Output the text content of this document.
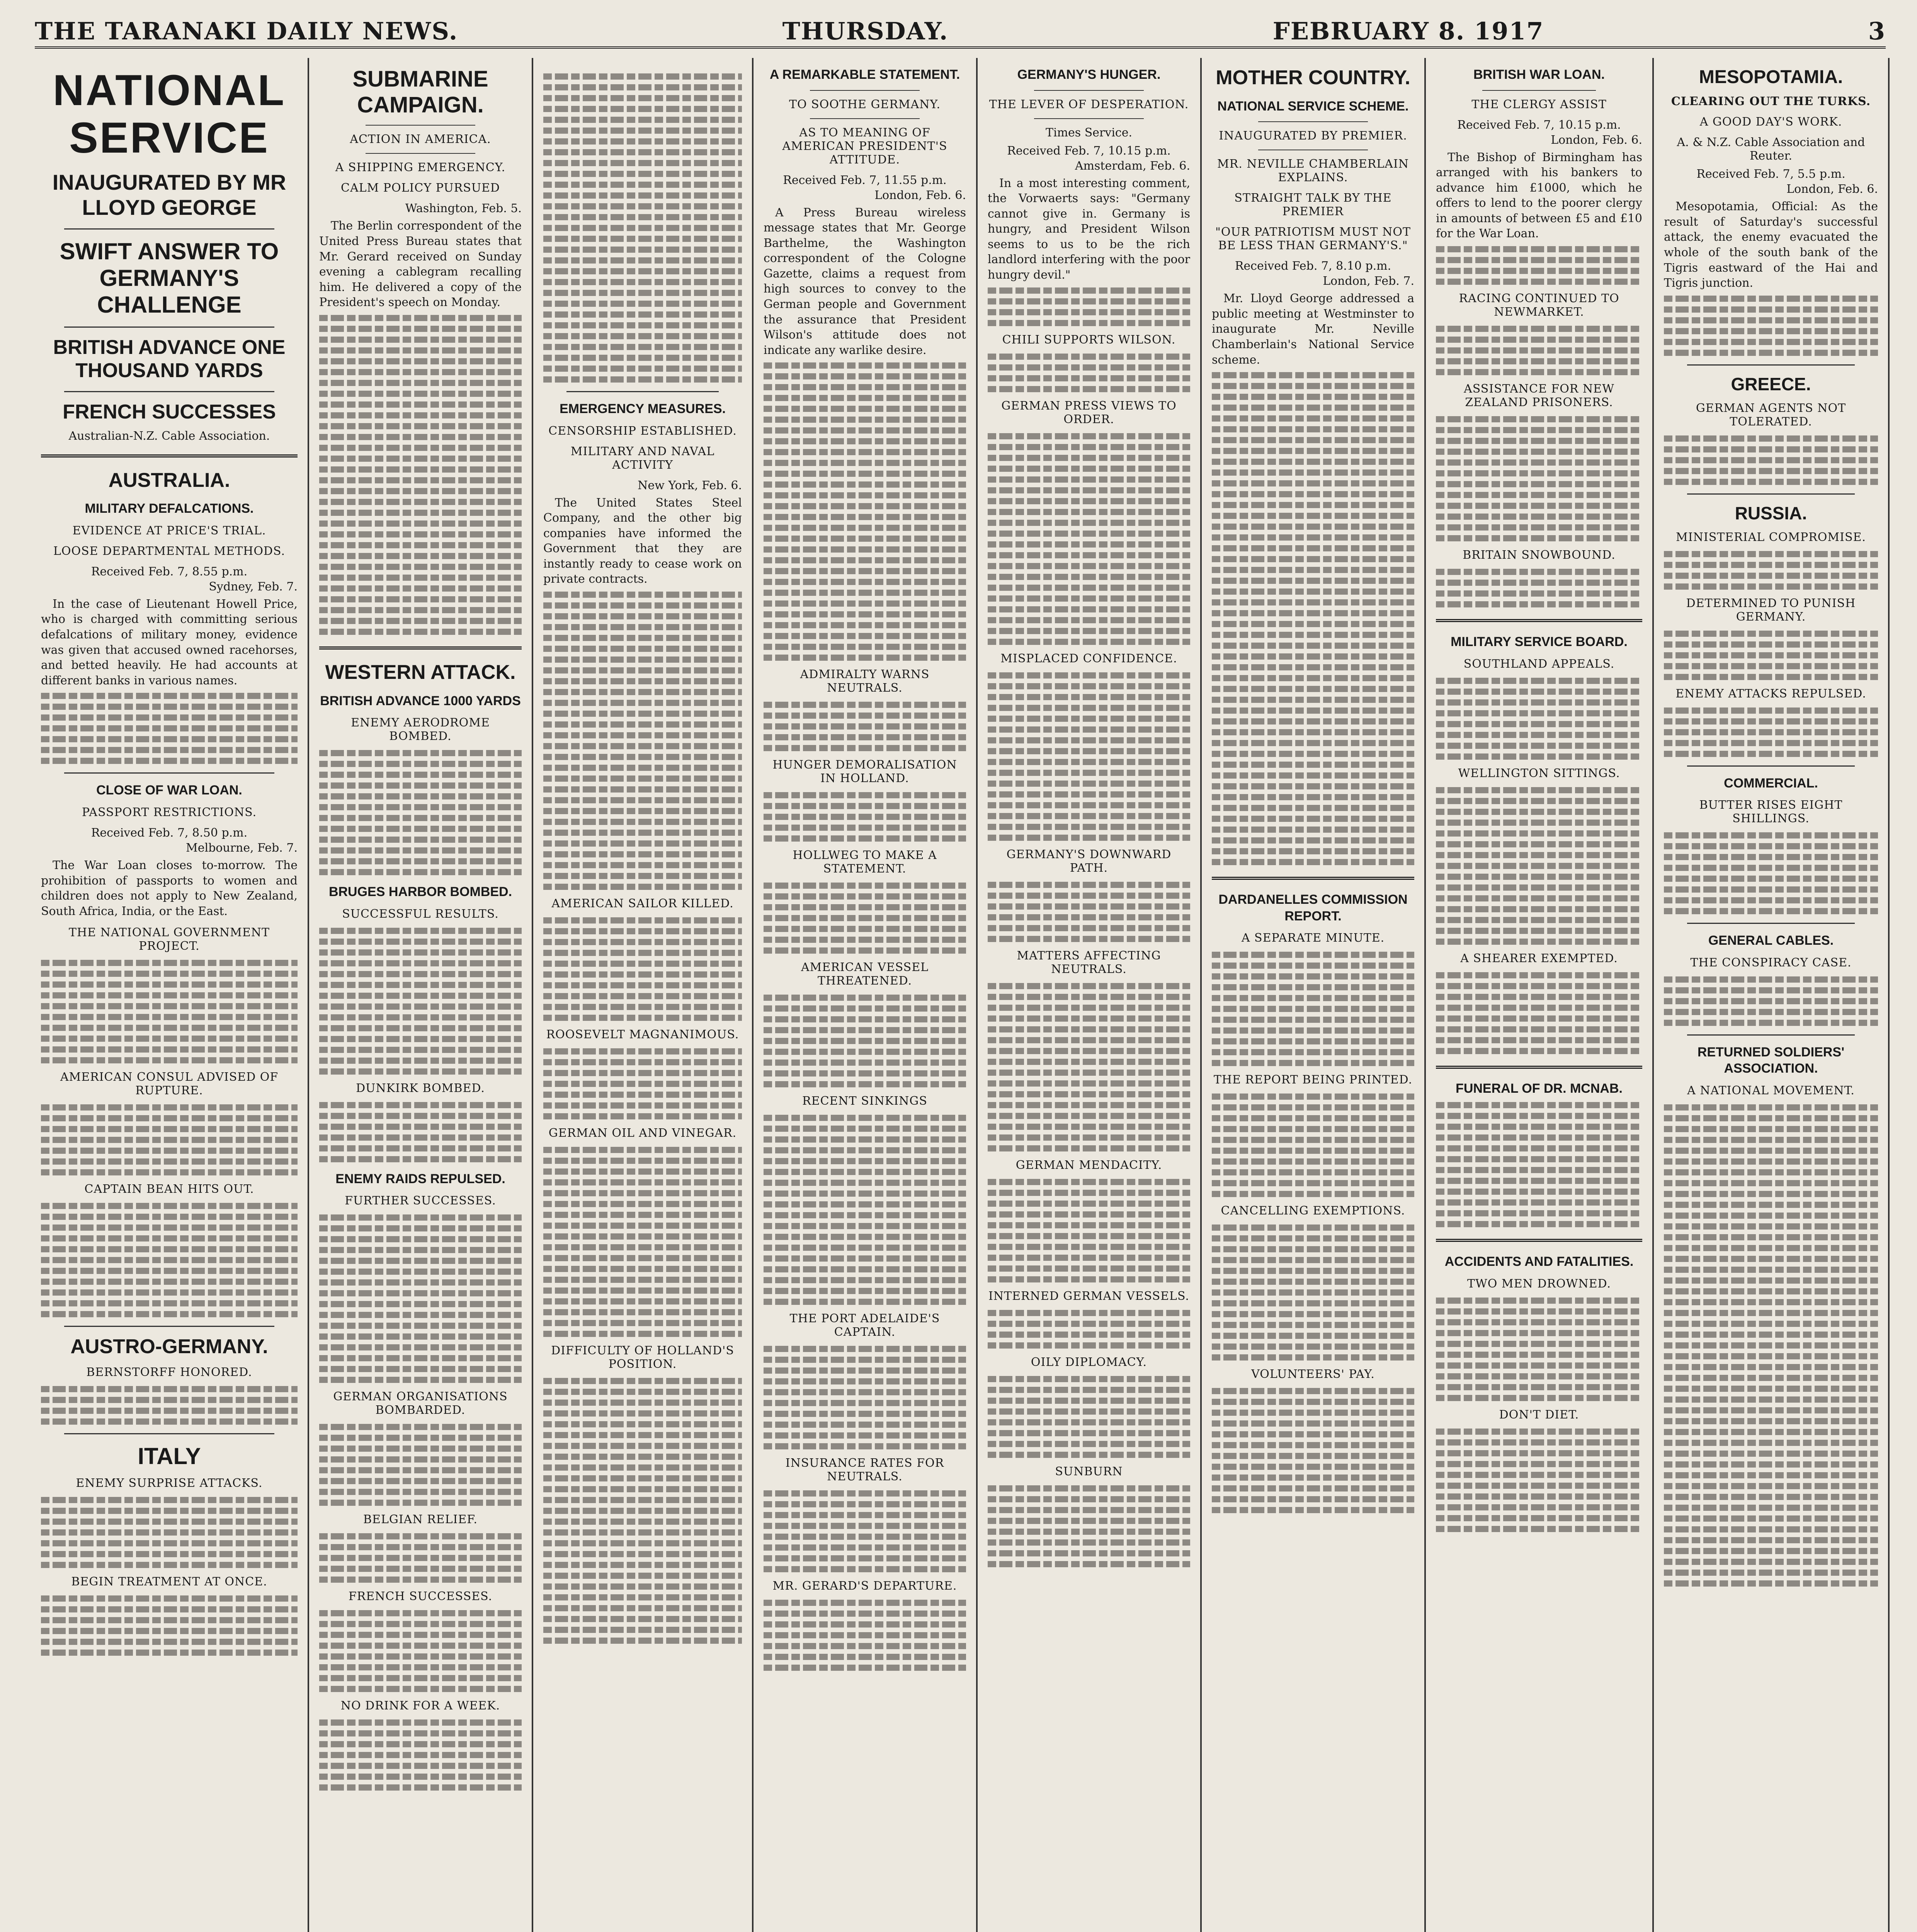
THE TARANAKI DAILY NEWS.	THURSDAY.	FEBRUARY 8. 1917	3
NATIONAL SERVICE
INAUGURATED BY MR LLOYD GEORGE
SWIFT ANSWER TO GERMANY'S CHALLENGE
BRITISH ADVANCE ONE THOUSAND YARDS
FRENCH SUCCESSES
Australian-N.Z. Cable Association.
AUSTRALIA.
MILITARY DEFALCATIONS.
EVIDENCE AT PRICE'S TRIAL.
LOOSE DEPARTMENTAL METHODS.
Received Feb. 7, 8.55 p.m.
Sydney, Feb. 7.

In the case of Lieutenant Howell Price, who is charged with committing serious defalcations of military money, evidence was given that accused owned racehorses, and betted heavily. He had accounts at different banks in various names.

CLOSE OF WAR LOAN.
PASSPORT RESTRICTIONS.
Received Feb. 7, 8.50 p.m.
Melbourne, Feb. 7.

The War Loan closes to-morrow. The prohibition of passports to women and children does not apply to New Zealand, South Africa, India, or the East.

THE NATIONAL GOVERNMENT PROJECT.
AMERICAN CONSUL ADVISED OF RUPTURE.
CAPTAIN BEAN HITS OUT.
AUSTRO-GERMANY.
BERNSTORFF HONORED.
ITALY
ENEMY SURPRISE ATTACKS.
BEGIN TREATMENT AT ONCE.
SUBMARINE CAMPAIGN.
ACTION IN AMERICA.
A SHIPPING EMERGENCY.
CALM POLICY PURSUED
Washington, Feb. 5.

The Berlin correspondent of the United Press Bureau states that Mr. Gerard received on Sunday evening a cablegram recalling him. He delivered a copy of the President's speech on Monday.

WESTERN ATTACK.
BRITISH ADVANCE 1000 YARDS
ENEMY AERODROME BOMBED.
BRUGES HARBOR BOMBED.
SUCCESSFUL RESULTS.
DUNKIRK BOMBED.
ENEMY RAIDS REPULSED.
FURTHER SUCCESSES.
GERMAN ORGANISATIONS BOMBARDED.
BELGIAN RELIEF.
FRENCH SUCCESSES.
NO DRINK FOR A WEEK.
EMERGENCY MEASURES.
CENSORSHIP ESTABLISHED.
MILITARY AND NAVAL ACTIVITY
New York, Feb. 6.

The United States Steel Company, and the other big companies have informed the Government that they are instantly ready to cease work on private contracts.

AMERICAN SAILOR KILLED.
ROOSEVELT MAGNANIMOUS.
GERMAN OIL AND VINEGAR.
DIFFICULTY OF HOLLAND'S POSITION.
A REMARKABLE STATEMENT.
TO SOOTHE GERMANY.
AS TO MEANING OF AMERICAN PRESIDENT'S ATTITUDE.
Received Feb. 7, 11.55 p.m.
London, Feb. 6.

A Press Bureau wireless message states that Mr. George Barthelme, the Washington correspondent of the Cologne Gazette, claims a request from high sources to convey to the German people and Government the assurance that President Wilson's attitude does not indicate any warlike desire.

ADMIRALTY WARNS NEUTRALS.
HUNGER DEMORALISATION IN HOLLAND.
HOLLWEG TO MAKE A STATEMENT.
AMERICAN VESSEL THREATENED.
RECENT SINKINGS
THE PORT ADELAIDE'S CAPTAIN.
INSURANCE RATES FOR NEUTRALS.
MR. GERARD'S DEPARTURE.
GERMANY'S HUNGER.
THE LEVER OF DESPERATION.
Times Service.
Received Feb. 7, 10.15 p.m.
Amsterdam, Feb. 6.

In a most interesting comment, the Vorwaerts says: "Germany cannot give in. Germany is hungry, and President Wilson seems to us to be the rich landlord interfering with the poor hungry devil."

CHILI SUPPORTS WILSON.
GERMAN PRESS VIEWS TO ORDER.
MISPLACED CONFIDENCE.
GERMANY'S DOWNWARD PATH.
MATTERS AFFECTING NEUTRALS.
GERMAN MENDACITY.
INTERNED GERMAN VESSELS.
OILY DIPLOMACY.
SUNBURN
MOTHER COUNTRY.
NATIONAL SERVICE SCHEME.
INAUGURATED BY PREMIER.
MR. NEVILLE CHAMBERLAIN EXPLAINS.
STRAIGHT TALK BY THE PREMIER
"OUR PATRIOTISM MUST NOT BE LESS THAN GERMANY'S."
Received Feb. 7, 8.10 p.m.
London, Feb. 7.

Mr. Lloyd George addressed a public meeting at Westminster to inaugurate Mr. Neville Chamberlain's National Service scheme.

DARDANELLES COMMISSION REPORT.
A SEPARATE MINUTE.
THE REPORT BEING PRINTED.
CANCELLING EXEMPTIONS.
VOLUNTEERS' PAY.
BRITISH WAR LOAN.
THE CLERGY ASSIST
Received Feb. 7, 10.15 p.m.
London, Feb. 6.

The Bishop of Birmingham has arranged with his bankers to advance him £1000, which he offers to lend to the poorer clergy in amounts of between £5 and £10 for the War Loan.

RACING CONTINUED TO NEWMARKET.
ASSISTANCE FOR NEW ZEALAND PRISONERS.
BRITAIN SNOWBOUND.
MILITARY SERVICE BOARD.
SOUTHLAND APPEALS.
WELLINGTON SITTINGS.
A SHEARER EXEMPTED.
FUNERAL OF DR. MCNAB.
ACCIDENTS AND FATALITIES.
TWO MEN DROWNED.
DON'T DIET.
MESOPOTAMIA.
CLEARING OUT THE TURKS.
A GOOD DAY'S WORK.
A. & N.Z. Cable Association and Reuter.
Received Feb. 7, 5.5 p.m.
London, Feb. 6.

Mesopotamia, Official: As the result of Saturday's successful attack, the enemy evacuated the whole of the south bank of the Tigris eastward of the Hai and Tigris junction.

GREECE.
GERMAN AGENTS NOT TOLERATED.
RUSSIA.
MINISTERIAL COMPROMISE.
DETERMINED TO PUNISH GERMANY.
ENEMY ATTACKS REPULSED.
COMMERCIAL.
BUTTER RISES EIGHT SHILLINGS.
GENERAL CABLES.
THE CONSPIRACY CASE.
RETURNED SOLDIERS' ASSOCIATION.
A NATIONAL MOVEMENT.
